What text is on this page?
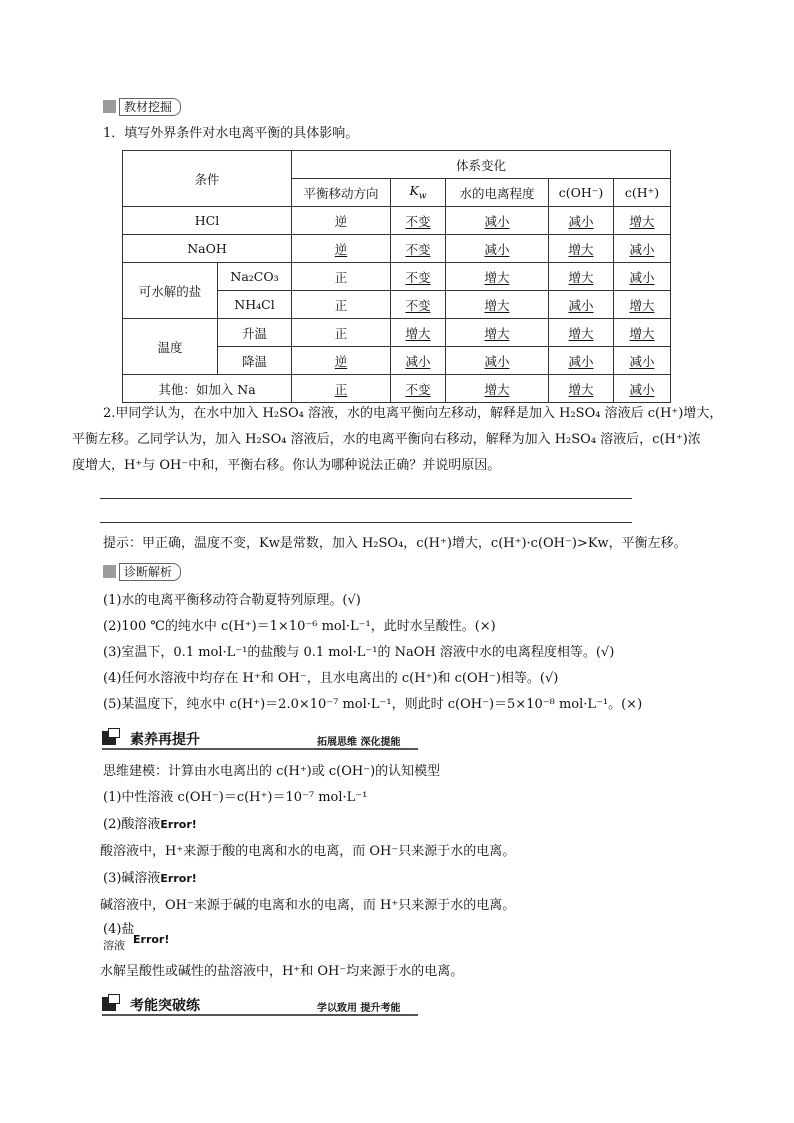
教材挖掘
1．填写外界条件对水电离平衡的具体影响。
条件		体系变化				
		平衡移动方向	$K_w$	水的电离程度	c(OH⁻)	c(H⁺)
HCl		逆	不变	减小	减小	增大
NaOH		逆	不变	减小	增大	减小
可水解的盐	Na₂CO₃	正	不变	增大	增大	减小
	NH₄Cl	正	不变	增大	减小	增大
温度	升温	正	增大	增大	增大	增大
	降温	逆	减小	减小	减小	减小
其他：如加入 Na		正	不变	增大	增大	减小
2.甲同学认为，在水中加入 H₂SO₄ 溶液，水的电离平衡向左移动，解释是加入 H₂SO₄ 溶液后 c(H⁺)增大，
平衡左移。乙同学认为，加入 H₂SO₄ 溶液后，水的电离平衡向右移动，解释为加入 H₂SO₄ 溶液后，c(H⁺)浓
度增大，H⁺与 OH⁻中和，平衡右移。你认为哪种说法正确？并说明原因。
提示：甲正确，温度不变，Kw是常数，加入 H₂SO₄，c(H⁺)增大，c(H⁺)·c(OH⁻)>Kw，平衡左移。
诊断解析
(1)水的电离平衡移动符合勒夏特列原理。(√)
(2)100 ℃的纯水中 c(H⁺)＝1×10⁻⁶ mol·L⁻¹，此时水呈酸性。(×)
(3)室温下，0.1 mol·L⁻¹的盐酸与 0.1 mol·L⁻¹的 NaOH 溶液中水的电离程度相等。(√)
(4)任何水溶液中均存在 H⁺和 OH⁻，且水电离出的 c(H⁺)和 c(OH⁻)相等。(√)
(5)某温度下，纯水中 c(H⁺)＝2.0×10⁻⁷ mol·L⁻¹，则此时 c(OH⁻)＝5×10⁻⁸ mol·L⁻¹。(×)
素养再提升	拓展思维 深化提能
思维建模：计算由水电离出的 c(H⁺)或 c(OH⁻)的认知模型
(1)中性溶液 c(OH⁻)＝c(H⁺)＝10⁻⁷ mol·L⁻¹
(2)酸溶液Error!
酸溶液中，H⁺来源于酸的电离和水的电离，而 OH⁻只来源于水的电离。
(3)碱溶液Error!
碱溶液中，OH⁻来源于碱的电离和水的电离，而 H⁺只来源于水的电离。
(4)盐
溶液 Error!
水解呈酸性或碱性的盐溶液中，H⁺和 OH⁻均来源于水的电离。
考能突破练	学以致用 提升考能
